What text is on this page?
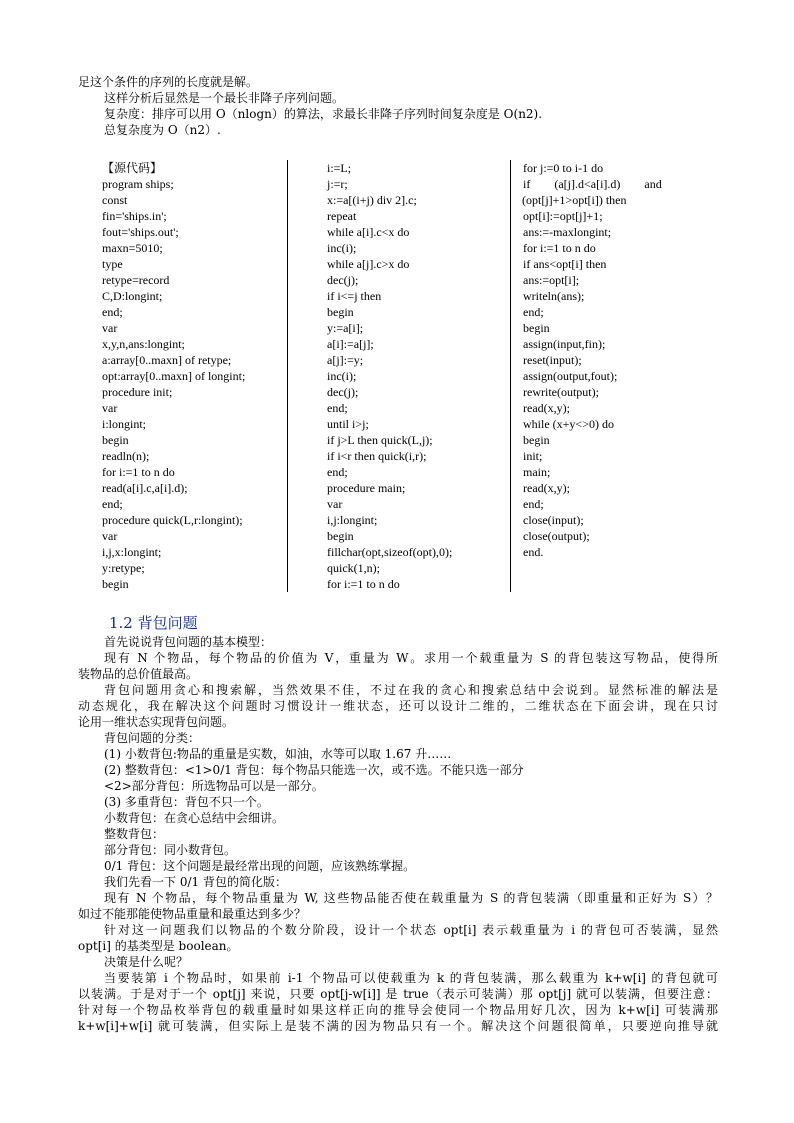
足这个条件的序列的长度就是解。
这样分析后显然是一个最长非降子序列问题。
复杂度：排序可以用 O（nlogn）的算法，求最长非降子序列时间复杂度是 O(n2).
总复杂度为 O（n2）.
【源代码】
program ships;
const
fin='ships.in';
fout='ships.out';
maxn=5010;
type
retype=record
C,D:longint;
end;
var
x,y,n,ans:longint;
a:array[0..maxn] of retype;
opt:array[0..maxn] of longint;
procedure init;
var
i:longint;
begin
readln(n);
for i:=1 to n do
read(a[i].c,a[i].d);
end;
procedure quick(L,r:longint);
var
i,j,x:longint;
y:retype;
begin
i:=L;
j:=r;
x:=a[(i+j) div 2].c;
repeat
while a[i].c<x do
inc(i);
while a[j].c>x do
dec(j);
if i<=j then
begin
y:=a[i];
a[i]:=a[j];
a[j]:=y;
inc(i);
dec(j);
end;
until i>j;
if j>L then quick(L,j);
if i<r then quick(i,r);
end;
procedure main;
var
i,j:longint;
begin
fillchar(opt,sizeof(opt),0);
quick(1,n);
for i:=1 to n do
for j:=0 to i-1 do
if        (a[j].d<a[i].d)        and
(opt[j]+1>opt[i]) then
opt[i]:=opt[j]+1;
ans:=-maxlongint;
for i:=1 to n do
if ans<opt[i] then
ans:=opt[i];
writeln(ans);
end;
begin
assign(input,fin);
reset(input);
assign(output,fout);
rewrite(output);
read(x,y);
while (x+y<>0) do
begin
init;
main;
read(x,y);
end;
close(input);
close(output);
end.
1.2 背包问题
首先说说背包问题的基本模型：
现有 N 个物品，每个物品的价值为 V，重量为 W。求用一个载重量为 S 的背包装这写物品，使得所
装物品的总价值最高。
背包问题用贪心和搜索解，当然效果不佳，不过在我的贪心和搜索总结中会说到。显然标准的解法是
动态规化，我在解决这个问题时习惯设计一维状态，还可以设计二维的，二维状态在下面会讲，现在只讨
论用一维状态实现背包问题。
背包问题的分类：
(1) 小数背包:物品的重量是实数，如油，水等可以取 1.67 升……
(2) 整数背包：<1>0/1 背包：每个物品只能选一次，或不选。不能只选一部分
<2>部分背包：所选物品可以是一部分。
(3) 多重背包：背包不只一个。
小数背包：在贪心总结中会细讲。
整数背包：
部分背包：同小数背包。
0/1 背包：这个问题是最经常出现的问题，应该熟练掌握。
我们先看一下 0/1 背包的简化版：
现有 N 个物品，每个物品重量为 W, 这些物品能否使在载重量为 S 的背包装满（即重量和正好为 S）？
如过不能那能使物品重量和最重达到多少？
针对这一问题我们以物品的个数分阶段，设计一个状态 opt[i] 表示载重量为 i 的背包可否装满，显然
opt[i] 的基类型是 boolean。
决策是什么呢？
当要装第 i 个物品时，如果前 i-1 个物品可以使载重为 k 的背包装满，那么载重为 k+w[i] 的背包就可
以装满。于是对于一个 opt[j] 来说，只要 opt[j-w[i]] 是 true（表示可装满）那 opt[j] 就可以装满，但要注意：
针对每一个物品枚举背包的载重量时如果这样正向的推导会使同一个物品用好几次，因为 k+w[i] 可装满那
k+w[i]+w[i] 就可装满，但实际上是装不满的因为物品只有一个。解决这个问题很简单，只要逆向推导就
